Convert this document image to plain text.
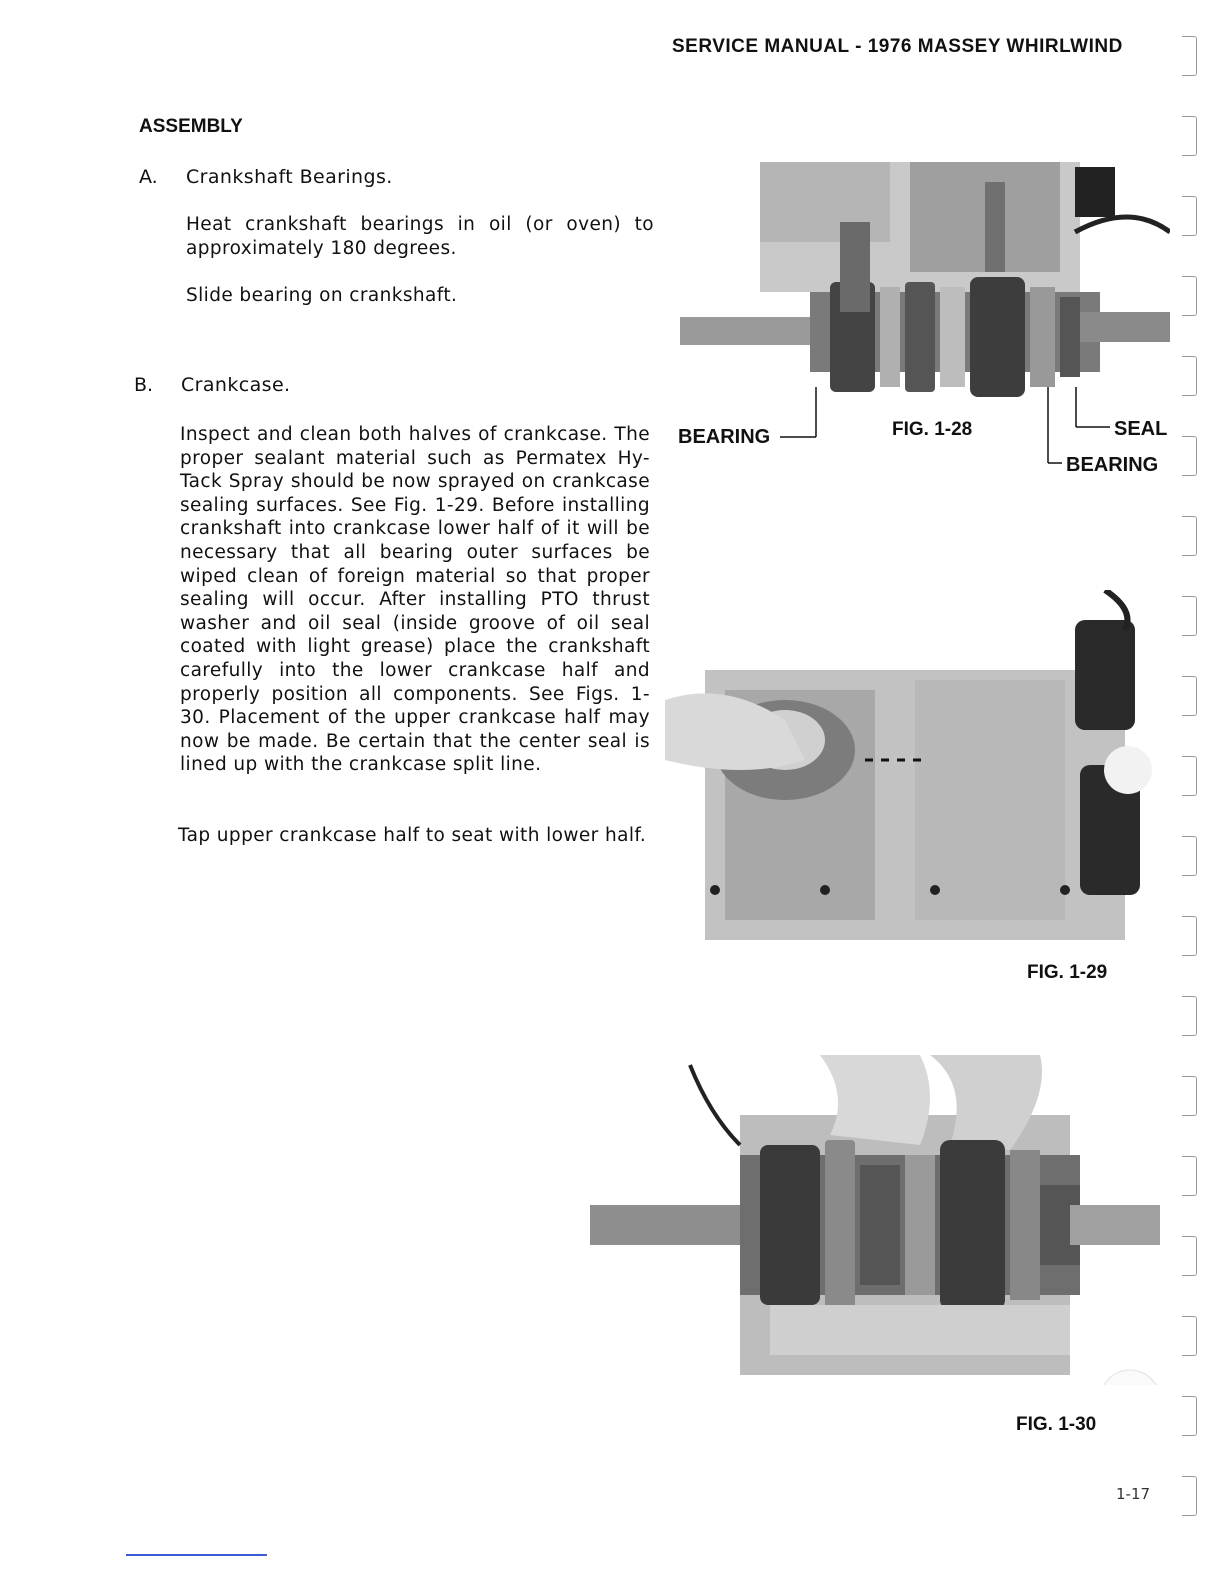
SERVICE MANUAL - 1976 MASSEY WHIRLWIND
ASSEMBLY
A. Crankshaft Bearings.
Heat crankshaft bearings in oil (or oven) to approximately 180 degrees.
Slide bearing on crankshaft.
B. Crankcase.
Inspect and clean both halves of crankcase. The proper sealant material such as Permatex Hy-Tack Spray should be now sprayed on crankcase sealing surfaces. See Fig. 1-29. Before installing crankshaft into crankcase lower half of it will be necessary that all bearing outer surfaces be wiped clean of foreign material so that proper sealing will occur. After installing PTO thrust washer and oil seal (inside groove of oil seal coated with light grease) place the crankshaft carefully into the lower crankcase half and properly position all components. See Figs. 1-30. Placement of the upper crankcase half may now be made. Be certain that the center seal is lined up with the crankcase split line.
Tap upper crankcase half to seat with lower half.
BEARING	FIG. 1-28	SEAL
BEARING
FIG. 1-29
FIG. 1-30
1-17
